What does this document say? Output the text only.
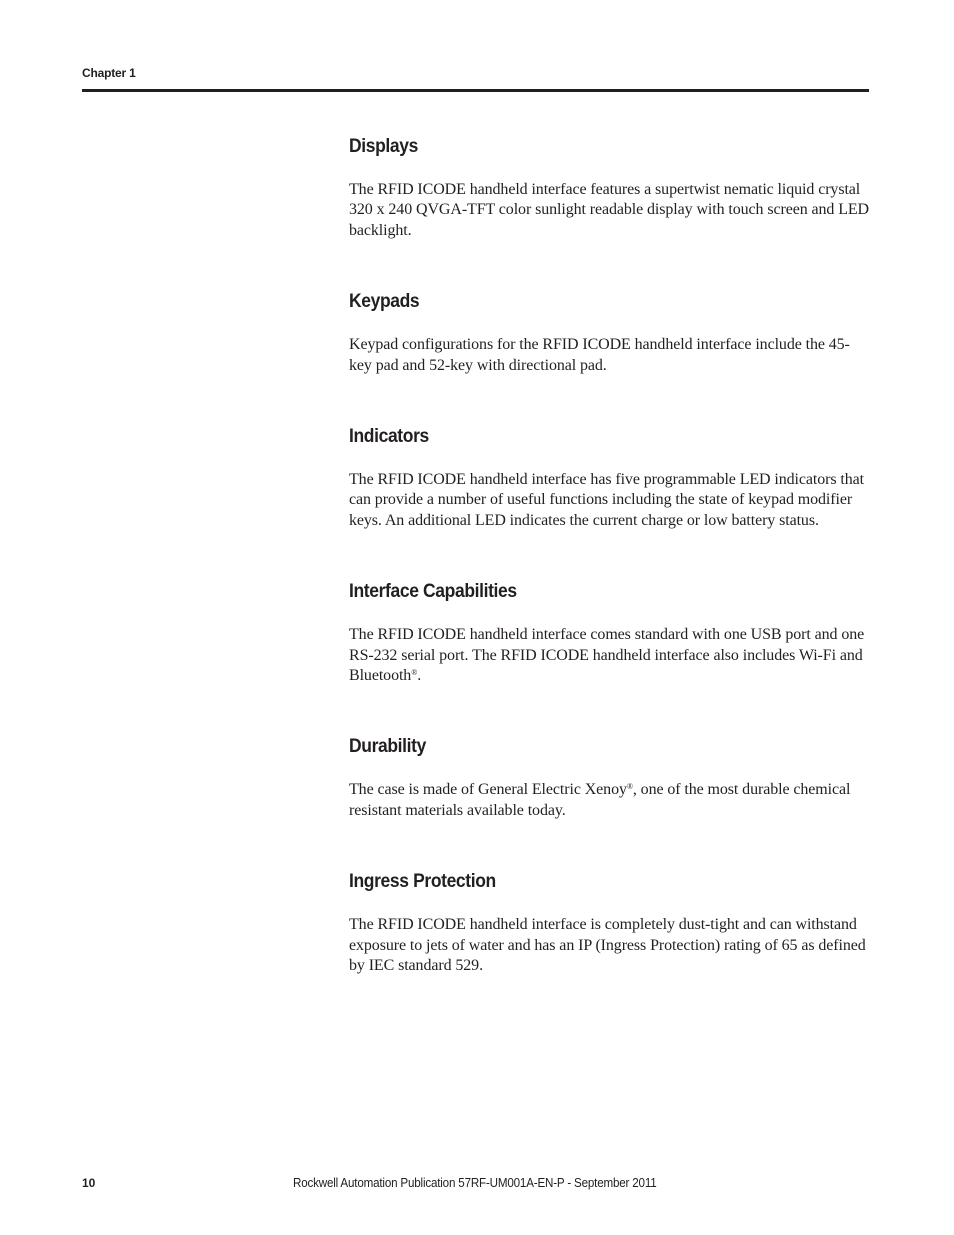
Chapter 1
Displays

The RFID ICODE handheld interface features a supertwist nematic liquid crystal 320 x 240 QVGA-TFT color sunlight readable display with touch screen and LED backlight.

Keypads

Keypad configurations for the RFID ICODE handheld interface include the 45-key pad and 52-key with directional pad.

Indicators

The RFID ICODE handheld interface has five programmable LED indicators that can provide a number of useful functions including the state of keypad modifier keys. An additional LED indicates the current charge or low battery status.

Interface Capabilities

The RFID ICODE handheld interface comes standard with one USB port and one RS-232 serial port. The RFID ICODE handheld interface also includes Wi-Fi and Bluetooth®.

Durability

The case is made of General Electric Xenoy®, one of the most durable chemical resistant materials available today.

Ingress Protection

The RFID ICODE handheld interface is completely dust-tight and can withstand exposure to jets of water and has an IP (Ingress Protection) rating of 65 as defined by IEC standard 529.

10	Rockwell Automation Publication 57RF-UM001A-EN-P - September 2011
